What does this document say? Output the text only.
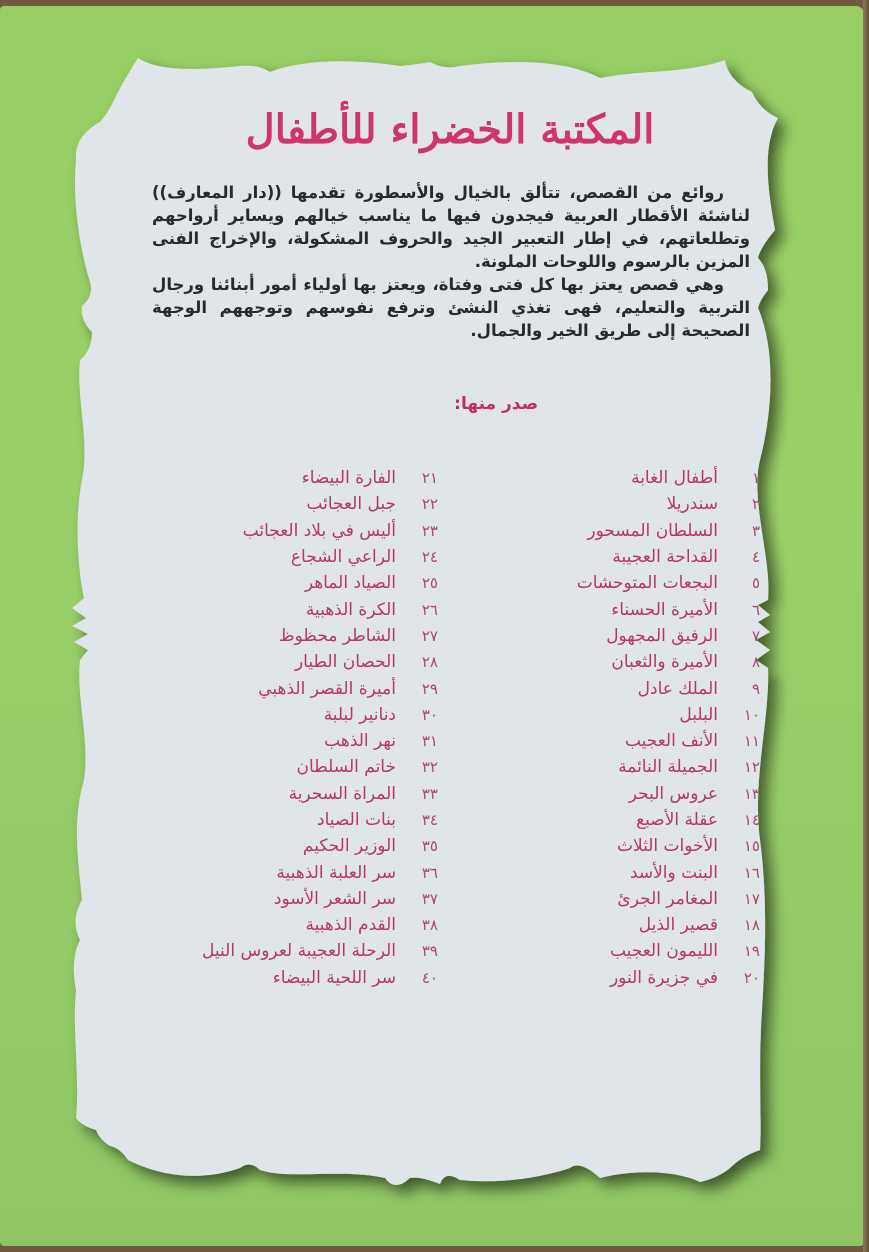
المكتبة الخضراء للأطفال

روائع من القصص، تتألق بالخيال والأسطورة تقدمها ((دار المعارف)) لناشئة الأقطار العربية فيجدون فيها ما يناسب خيالهم ويساير أرواحهم وتطلعاتهم، في إطار التعبير الجيد والحروف المشكولة، والإخراج الفنى المزين بالرسوم واللوحات الملونة.

وهي قصص يعتز بها كل فتى وفتاة، ويعتز بها أولياء أمور أبنائنا ورجال التربية والتعليم، فهى تغذي النشئ وترفع نفوسهم وتوجههم الوجهة الصحيحة إلى طريق الخير والجمال.

صدر منها:
١
أطفال الغابة
٢
سندريلا
٣
السلطان المسحور
٤
القداحة العجيبة
٥
البجعات المتوحشات
٦
الأميرة الحسناء
٧
الرفيق المجهول
٨
الأميرة والثعبان
٩
الملك عادل
١٠
البلبل
١١
الأنف العجيب
١٢
الجميلة النائمة
١٣
عروس البحر
١٤
عقلة الأصبع
١٥
الأخوات الثلاث
١٦
البنت والأسد
١٧
المغامر الجرئ
١٨
قصير الذيل
١٩
الليمون العجيب
٢٠
في جزيرة النور
٢١
الفارة البيضاء
٢٢
جبل العجائب
٢٣
أليس في بلاد العجائب
٢٤
الراعي الشجاع
٢٥
الصياد الماهر
٢٦
الكرة الذهبية
٢٧
الشاطر محظوظ
٢٨
الحصان الطيار
٢٩
أميرة القصر الذهبي
٣٠
دنانير لبلبة
٣١
نهر الذهب
٣٢
خاتم السلطان
٣٣
المراة السحرية
٣٤
بنات الصياد
٣٥
الوزير الحكيم
٣٦
سر العلبة الذهبية
٣٧
سر الشعر الأسود
٣٨
القدم الذهبية
٣٩
الرحلة العجيبة لعروس النيل
٤٠
سر اللحية البيضاء
